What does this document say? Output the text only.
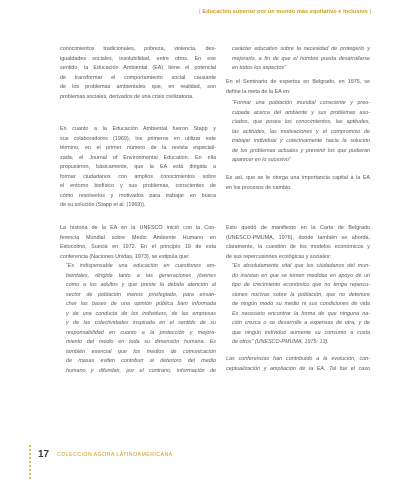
[ Educación superior por un mundo más equitativo e inclusivo ]
conocimientos tradicionales, pobreza, violencia, des-
igualdades sociales, insolubilidad, entre otros. En ese
sentido, la Educación Ambiental (EA) tiene el potencial
de transformar el comportamiento social causante
de los problemas ambientales que, en realidad, son
problemas sociales, derivados de una crisis civilizatoria.
En cuanto a la Educación Ambiental fueron Stapp y
sus colaboradores (1969), los primeros en utilizar este
término, en el primer número de la revista especiali-
zada, el Journal of Environmental Education. En ella
propusieron, básicamente, que la EA está dirigida a
formar ciudadanos con amplios conocimientos sobre
el entorno biofísico y sus problemas, conscientes de
cómo resolverlos y motivados para trabajar en busca
de su solución (Stapp et al. (1969)).
La historia de la EA en la UNESCO inició con la Con-
ferencia Mundial sobre Medio Ambiente Humano en
Estocolmo, Suecia en 1972. En el principio 19 de esta
conferencia (Naciones Unidas, 1973), se estipula que:
“Es indispensable una educación en cuestiones am-
bientales, dirigida tanto a las generaciones jóvenes
como a los adultos y que preste la debida atención al
sector de población menos privilegiado, para ensan-
char las bases de una opinión pública bien informada
y de una conducta de los individuos, de las empresas
y de las colectividades inspirada en el sentido de su
responsabilidad en cuanto a la protección y mejora-
miento del medio en toda su dimensión humana. Es
también esencial que los medios de comunicación
de masas eviten contribuir al deterioro del medio
humano y difundan, por el contrario, información de
carácter educativo sobre la necesidad de protegerlo y
mejorarlo, a fin de que el hombre pueda desarrollarse
en todos los aspectos”
En el Seminario de expertos en Belgrado, en 1975, se
define la meta de la EA en:
“Formar una población mundial consciente y preo-
cupada acerca del ambiente y sus problemas aso-
ciados, que posea los conocimientos, las aptitudes,
las actitudes, las motivaciones y el compromiso de
trabajar individual y colectivamente hacia la solución
de los problemas actuales y prevenir los que pudieran
aparecer en lo sucesivo”
Es así, que se le otorga una importancia capital a la EA
en los procesos de cambio.
Esto quedó de manifiesto en la Carta de Belgrado
(UNESCO-PMUMA, 1976), donde también se aborda,
claramente, la cuestión de los modelos económicos y
de sus repercusiones ecológicas y sociales:
“Es absolutamente vital que los ciudadanos del mun-
do insistan en que se tomen medidas en apoyo de un
tipo de crecimiento económico que no tenga repercu-
siones nocivas sobre la población, que no deteriore
de ningún modo su medio ni sus condiciones de vida
Es necesario encontrar la forma de que ninguna na-
ción crezca o se desarrolle a expensas de otra, y de
que ningún individuo aumente su consumo a costa
de otros” (UNESCO-PMUMA, 1975: 13).
Las conferencias han contribuido a la evolución, con-
ceptualización y ampliación de la EA. Tal fue el caso
17 COLECCIÓN AGORA LATINOAMERICANA
